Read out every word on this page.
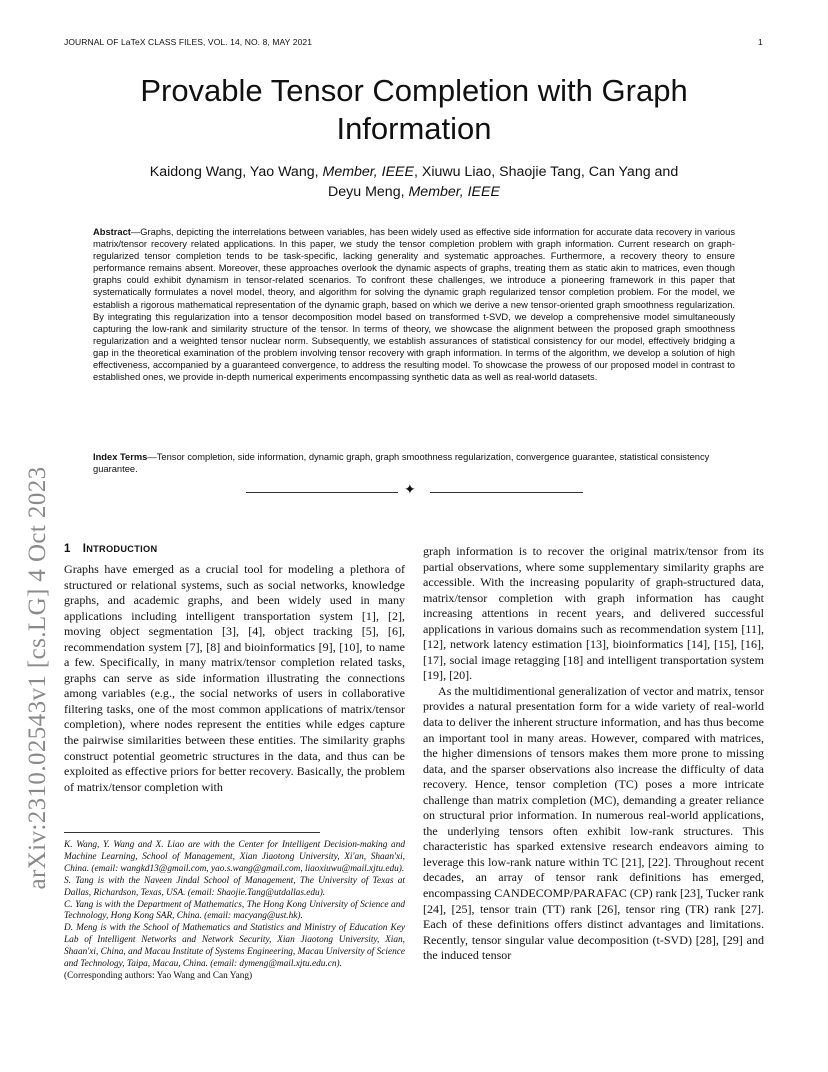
JOURNAL OF LaTeX CLASS FILES, VOL. 14, NO. 8, MAY 2021	1
Provable Tensor Completion with Graph Information
Kaidong Wang, Yao Wang, Member, IEEE, Xiuwu Liao, Shaojie Tang, Can Yang and
Deyu Meng, Member, IEEE
Abstract—Graphs, depicting the interrelations between variables, has been widely used as effective side information for accurate data recovery in various matrix/tensor recovery related applications. In this paper, we study the tensor completion problem with graph information. Current research on graph-regularized tensor completion tends to be task-specific, lacking generality and systematic approaches. Furthermore, a recovery theory to ensure performance remains absent. Moreover, these approaches overlook the dynamic aspects of graphs, treating them as static akin to matrices, even though graphs could exhibit dynamism in tensor-related scenarios. To confront these challenges, we introduce a pioneering framework in this paper that systematically formulates a novel model, theory, and algorithm for solving the dynamic graph regularized tensor completion problem. For the model, we establish a rigorous mathematical representation of the dynamic graph, based on which we derive a new tensor-oriented graph smoothness regularization. By integrating this regularization into a tensor decomposition model based on transformed t-SVD, we develop a comprehensive model simultaneously capturing the low-rank and similarity structure of the tensor. In terms of theory, we showcase the alignment between the proposed graph smoothness regularization and a weighted tensor nuclear norm. Subsequently, we establish assurances of statistical consistency for our model, effectively bridging a gap in the theoretical examination of the problem involving tensor recovery with graph information. In terms of the algorithm, we develop a solution of high effectiveness, accompanied by a guaranteed convergence, to address the resulting model. To showcase the prowess of our proposed model in contrast to established ones, we provide in-depth numerical experiments encompassing synthetic data as well as real-world datasets.
Index Terms—Tensor completion, side information, dynamic graph, graph smoothness regularization, convergence guarantee, statistical consistency guarantee.
✦
arXiv:2310.02543v1 [cs.LG] 4 Oct 2023 1 INTRODUCTION

Graphs have emerged as a crucial tool for modeling a plethora of structured or relational systems, such as social networks, knowledge graphs, and academic graphs, and been widely used in many applications including intelligent transportation system [1], [2], moving object segmentation [3], [4], object tracking [5], [6], recommendation system [7], [8] and bioinformatics [9], [10], to name a few. Specifically, in many matrix/tensor completion related tasks, graphs can serve as side information illustrating the connections among variables (e.g., the social networks of users in collaborative filtering tasks, one of the most common applications of matrix/tensor completion), where nodes represent the entities while edges capture the pairwise similarities between these entities. The similarity graphs construct potential geometric structures in the data, and thus can be exploited as effective priors for better recovery. Basically, the problem of matrix/tensor completion with

K. Wang, Y. Wang and X. Liao are with the Center for Intelligent Decision-making and Machine Learning, School of Management, Xian Jiaotong University, Xi'an, Shaan'xi, China. (email: wangkd13@gmail.com, yao.s.wang@gmail.com, liaoxiuwu@mail.xjtu.edu).

S. Tang is with the Naveen Jindal School of Management, The University of Texas at Dallas, Richardson, Texas, USA. (email: Shaojie.Tang@utdallas.edu).

C. Yang is with the Department of Mathematics, The Hong Kong University of Science and Technology, Hong Kong SAR, China. (email: macyang@ust.hk).

D. Meng is with the School of Mathematics and Statistics and Ministry of Education Key Lab of Intelligent Networks and Network Security, Xian Jiaotong University, Xian, Shaan'xi, China, and Macau Institute of Systems Engineering, Macau University of Science and Technology, Taipa, Macau, China. (email: dymeng@mail.xjtu.edu.cn).

(Corresponding authors: Yao Wang and Can Yang)

graph information is to recover the original matrix/tensor from its partial observations, where some supplementary similarity graphs are accessible. With the increasing popularity of graph-structured data, matrix/tensor completion with graph information has caught increasing attentions in recent years, and delivered successful applications in various domains such as recommendation system [11], [12], network latency estimation [13], bioinformatics [14], [15], [16], [17], social image retagging [18] and intelligent transportation system [19], [20].

As the multidimentional generalization of vector and matrix, tensor provides a natural presentation form for a wide variety of real-world data to deliver the inherent structure information, and has thus become an important tool in many areas. However, compared with matrices, the higher dimensions of tensors makes them more prone to missing data, and the sparser observations also increase the difficulty of data recovery. Hence, tensor completion (TC) poses a more intricate challenge than matrix completion (MC), demanding a greater reliance on structural prior information. In numerous real-world applications, the underlying tensors often exhibit low-rank structures. This characteristic has sparked extensive research endeavors aiming to leverage this low-rank nature within TC [21], [22]. Throughout recent decades, an array of tensor rank definitions has emerged, encompassing CANDECOMP/PARAFAC (CP) rank [23], Tucker rank [24], [25], tensor train (TT) rank [26], tensor ring (TR) rank [27]. Each of these definitions offers distinct advantages and limitations. Recently, tensor singular value decomposition (t-SVD) [28], [29] and the induced tensor
